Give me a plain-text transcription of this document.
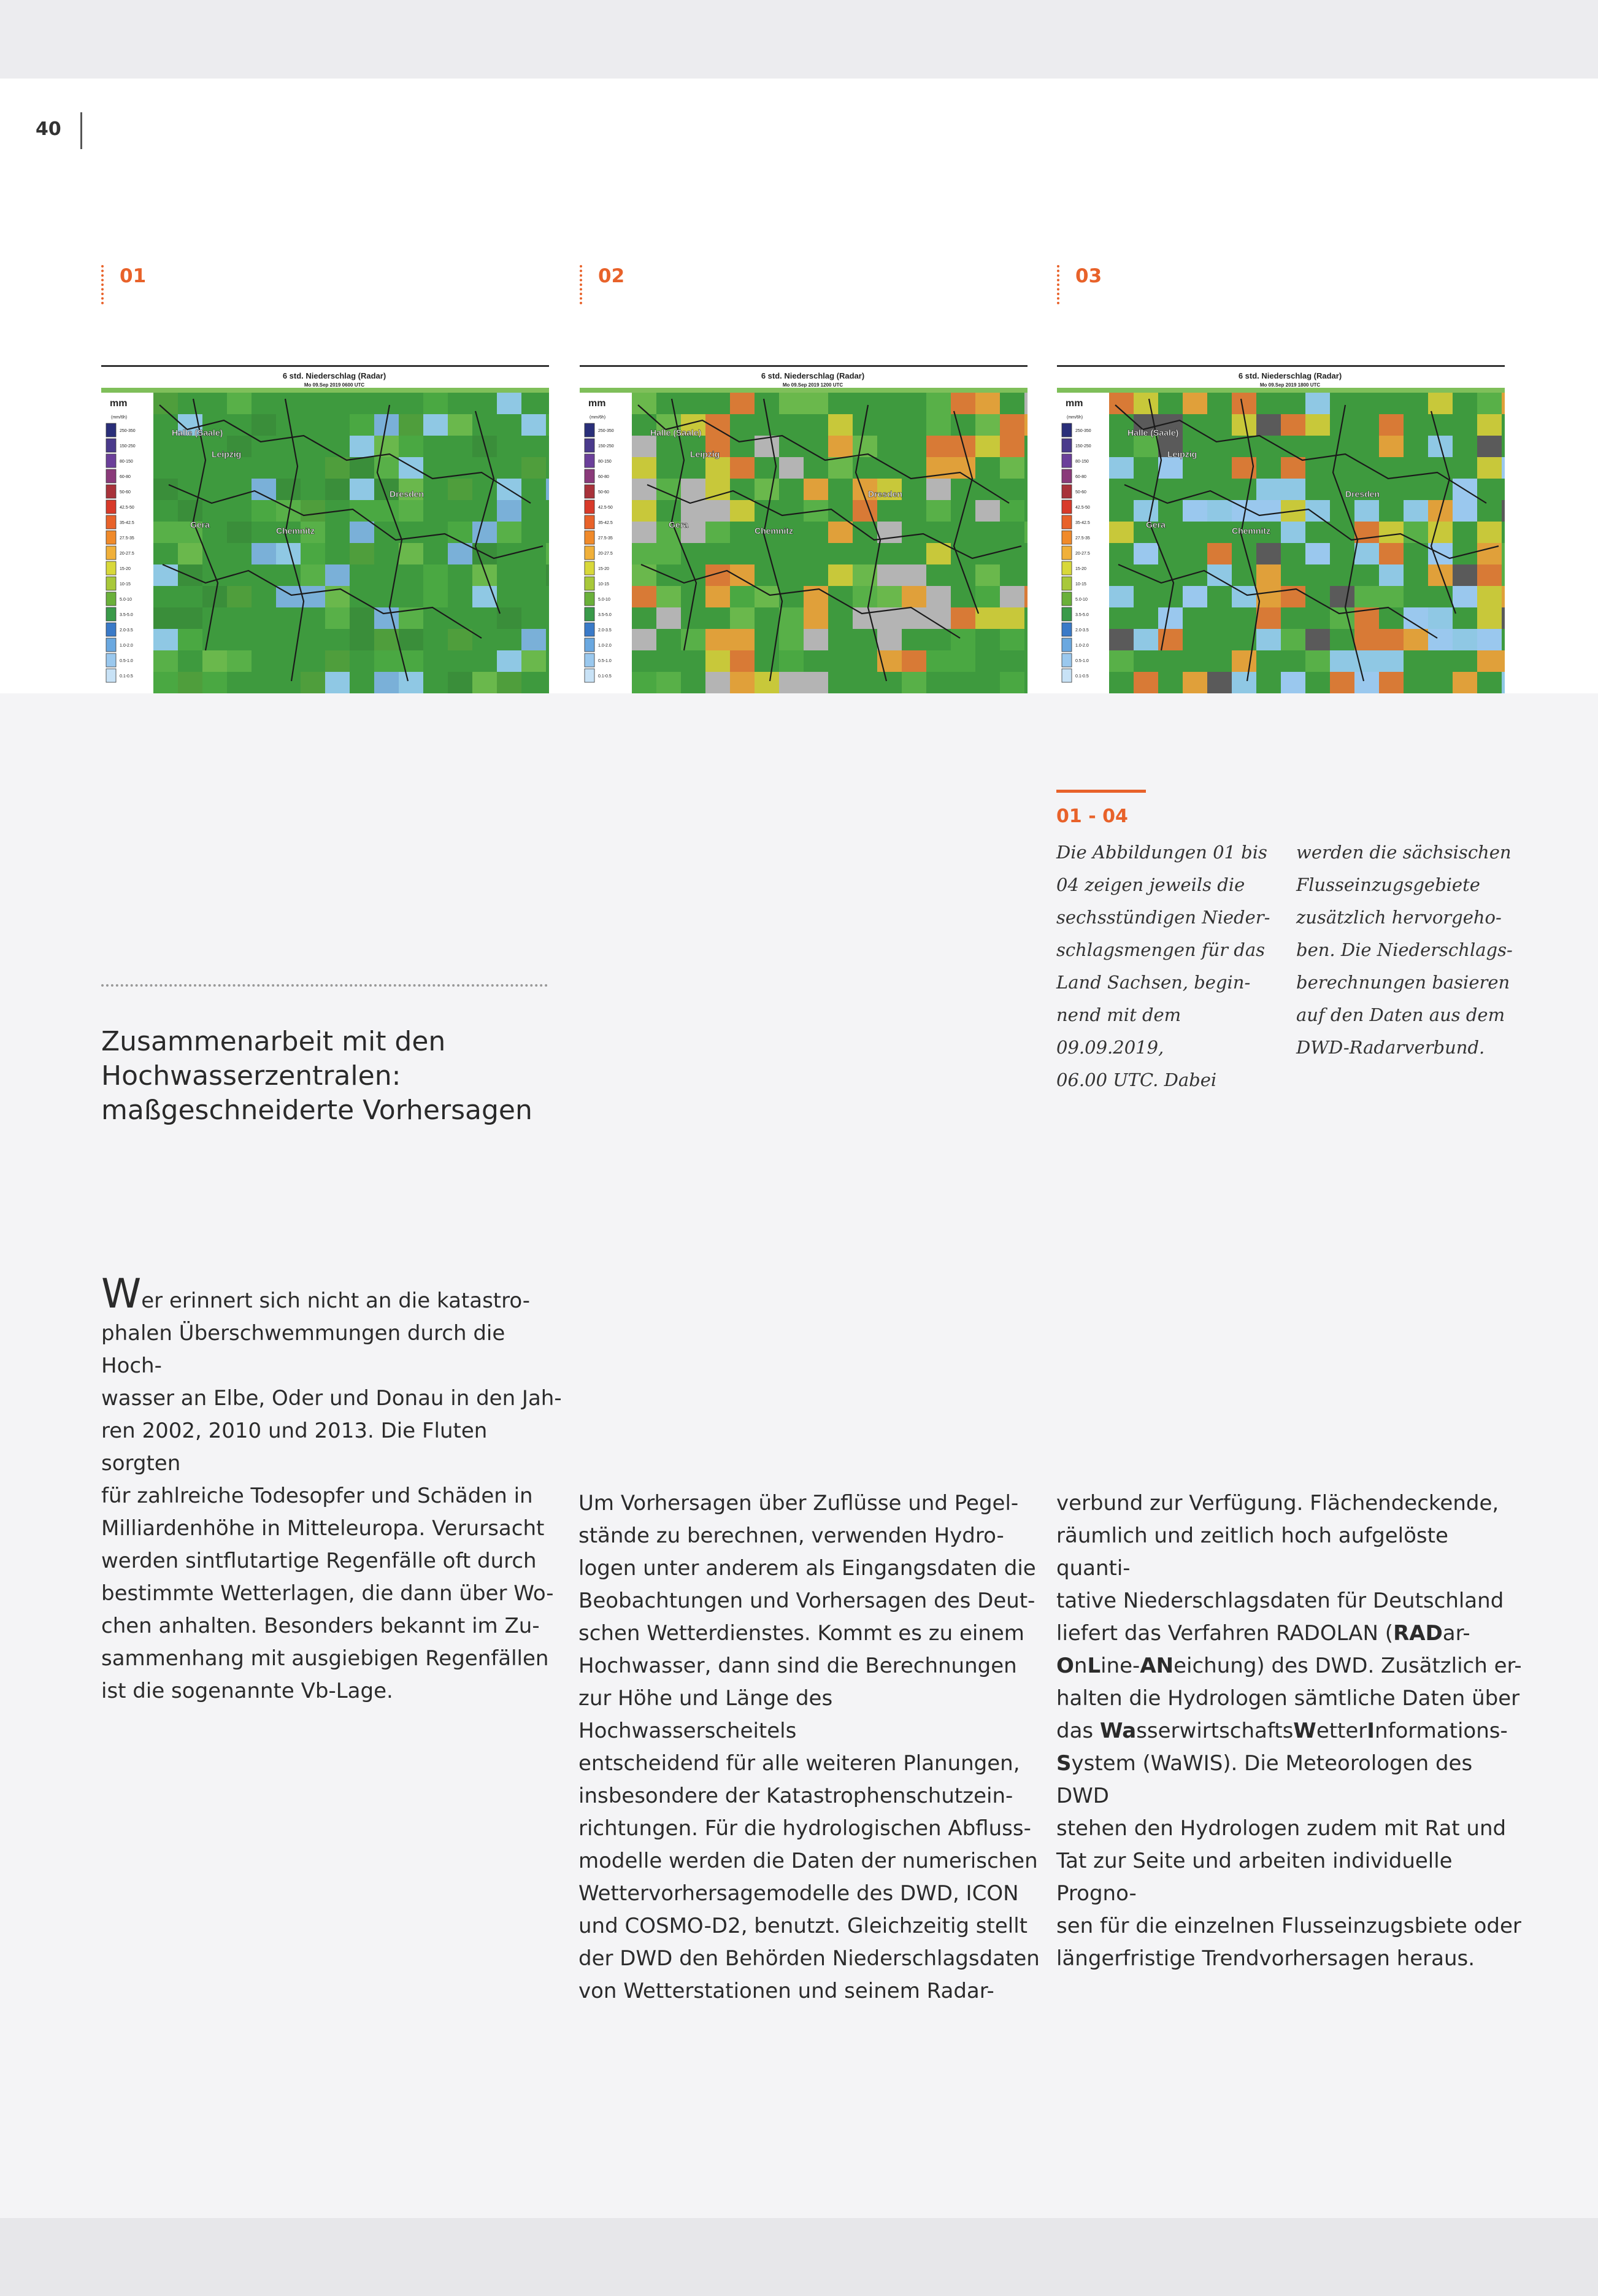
40
01	02	03
6 std. Niederschlag (Radar)
Mo 09.Sep 2019 0600 UTC
Halle (Saale)
Leipzig
Dresden
Gera
Chemnitz
mm
(mm/6h)
250-350
150-250
80-150
60-80
50-60
42.5-50
35-42.5
27.5-35
20-27.5
15-20
10-15
5.0-10
3.5-5.0
2.0-3.5
1.0-2.0
0.5-1.0
0.1-0.5
6 std. Niederschlag (Radar)
Mo 09.Sep 2019 1200 UTC
Halle (Saale)
Leipzig
Dresden
Gera
Chemnitz
mm
(mm/6h)
250-350
150-250
80-150
60-80
50-60
42.5-50
35-42.5
27.5-35
20-27.5
15-20
10-15
5.0-10
3.5-5.0
2.0-3.5
1.0-2.0
0.5-1.0
0.1-0.5
6 std. Niederschlag (Radar)
Mo 09.Sep 2019 1800 UTC
Halle (Saale)
Leipzig
Dresden
Gera
Chemnitz
mm
(mm/6h)
250-350
150-250
80-150
60-80
50-60
42.5-50
35-42.5
27.5-35
20-27.5
15-20
10-15
5.0-10
3.5-5.0
2.0-3.5
1.0-2.0
0.5-1.0
0.1-0.5
01 - 04

Die Abbildungen 01 bis
04 zeigen jeweils die
sechsstündigen Nieder-
schlagsmengen für das
Land Sachsen, begin-
nend mit dem 09.09.2019,
06.00 UTC. Dabei

werden die sächsischen
Flusseinzugsgebiete
zusätzlich hervorgeho-
ben. Die Niederschlags-
berechnungen basieren
auf den Daten aus dem
DWD-Radarverbund.

Zusammenarbeit mit den
Hochwasserzentralen:
maßgeschneiderte Vorhersagen

Wer erinnert sich nicht an die katastro-
phalen Überschwemmungen durch die Hoch-
wasser an Elbe, Oder und Donau in den Jah-
ren 2002, 2010 und 2013. Die Fluten sorgten
für zahlreiche Todesopfer und Schäden in
Milliardenhöhe in Mitteleuropa. Verursacht
werden sintflutartige Regenfälle oft durch
bestimmte Wetterlagen, die dann über Wo-
chen anhalten. Besonders bekannt im Zu-
sammenhang mit ausgiebigen Regenfällen
ist die sogenannte Vb-Lage.

Um Vorhersagen über Zuflüsse und Pegel-
stände zu berechnen, verwenden Hydro-
logen unter anderem als Eingangsdaten die
Beobachtungen und Vorhersagen des Deut-
schen Wetterdienstes. Kommt es zu einem
Hochwasser, dann sind die Berechnungen
zur Höhe und Länge des Hochwasserscheitels
entscheidend für alle weiteren Planungen,
insbesondere der Katastrophenschutzein-
richtungen. Für die hydrologischen Abfluss-
modelle werden die Daten der numerischen
Wettervorhersagemodelle des DWD, ICON
und COSMO-D2, benutzt. Gleichzeitig stellt
der DWD den Behörden Niederschlagsdaten
von Wetterstationen und seinem Radar-

verbund zur Verfügung. Flächendeckende,
räumlich und zeitlich hoch aufgelöste quanti-
tative Niederschlagsdaten für Deutschland
liefert das Verfahren RADOLAN (RADar-
OnLine-ANeichung) des DWD. Zusätzlich er-
halten die Hydrologen sämtliche Daten über
das WasserwirtschaftsWetterInformations-
System (WaWIS). Die Meteorologen des DWD
stehen den Hydrologen zudem mit Rat und
Tat zur Seite und arbeiten individuelle Progno-
sen für die einzelnen Flusseinzugsbiete oder
längerfristige Trendvorhersagen heraus.
